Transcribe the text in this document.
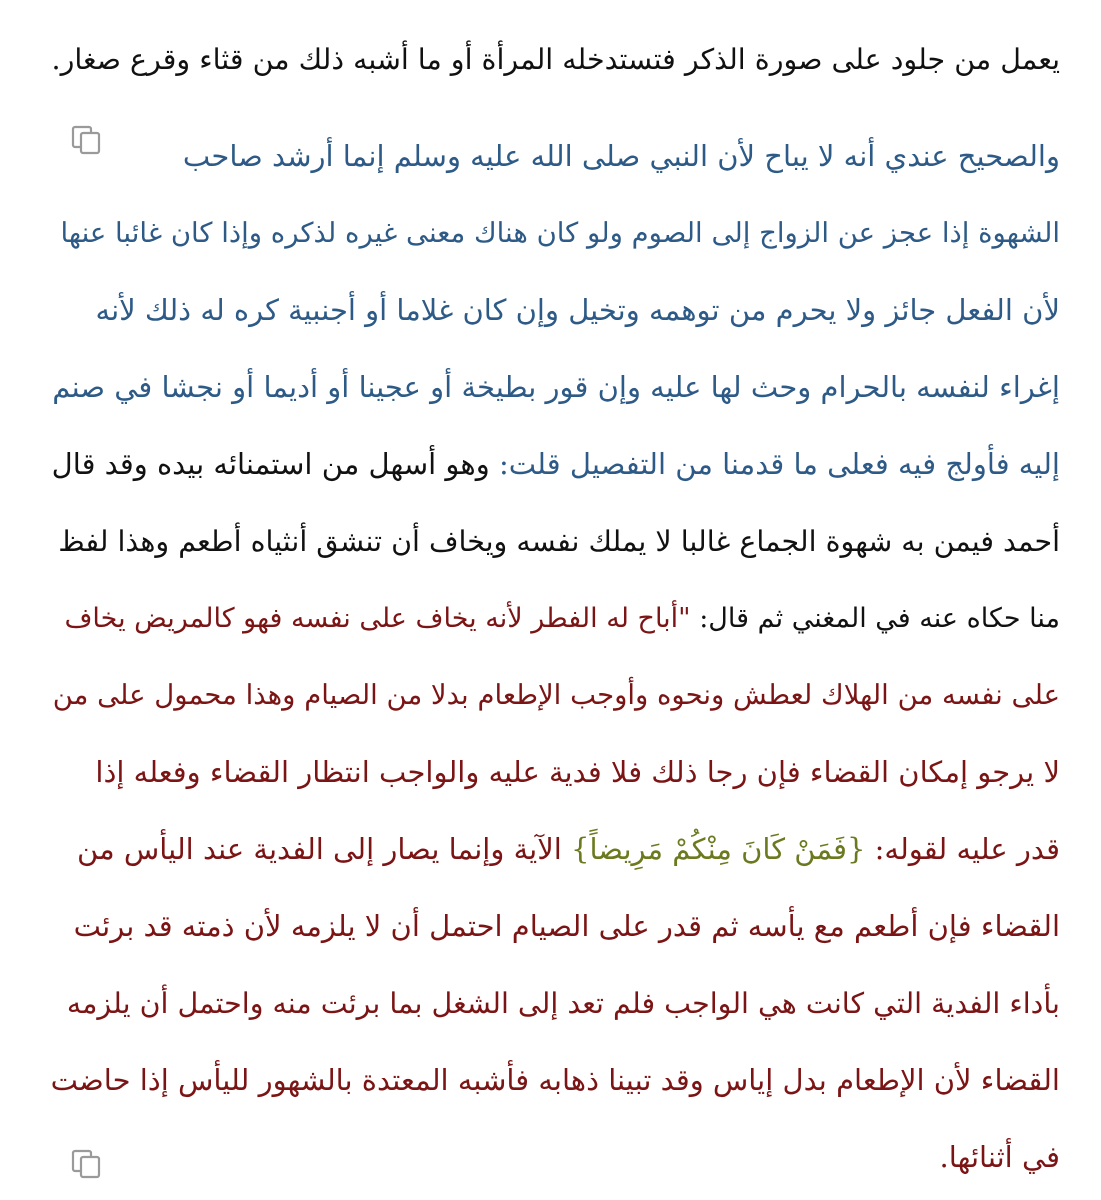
يعمل من جلود على صورة الذكر فتستدخله المرأة أو ما أشبه ذلك من قثاء وقرع صغار.
والصحيح عندي أنه لا يباح لأن النبي صلى الله عليه وسلم إنما أرشد صاحب
الشهوة إذا عجز عن الزواج إلى الصوم ولو كان هناك معنى غيره لذكره وإذا كان غائبا عنها
لأن الفعل جائز ولا يحرم من توهمه وتخيل وإن كان غلاما أو أجنبية كره له ذلك لأنه
إغراء لنفسه بالحرام وحث لها عليه وإن قور بطيخة أو عجينا أو أديما أو نجشا في صنم
إليه فأولج فيه فعلى ما قدمنا من التفصيل قلت: وهو أسهل من استمنائه بيده وقد قال
أحمد فيمن به شهوة الجماع غالبا لا يملك نفسه ويخاف أن تنشق أنثياه أطعم وهذا لفظ
منا حكاه عنه في المغني ثم قال: "أباح له الفطر لأنه يخاف على نفسه فهو كالمريض يخاف
على نفسه من الهلاك لعطش ونحوه وأوجب الإطعام بدلا من الصيام وهذا محمول على من
لا يرجو إمكان القضاء فإن رجا ذلك فلا فدية عليه والواجب انتظار القضاء وفعله إذا
قدر عليه لقوله: {فَمَنْ كَانَ مِنْكُمْ مَرِيضاً} الآية وإنما يصار إلى الفدية عند اليأس من
القضاء فإن أطعم مع يأسه ثم قدر على الصيام احتمل أن لا يلزمه لأن ذمته قد برئت
بأداء الفدية التي كانت هي الواجب فلم تعد إلى الشغل بما برئت منه واحتمل أن يلزمه
القضاء لأن الإطعام بدل إياس وقد تبينا ذهابه فأشبه المعتدة بالشهور لليأس إذا حاضت
في أثنائها.
